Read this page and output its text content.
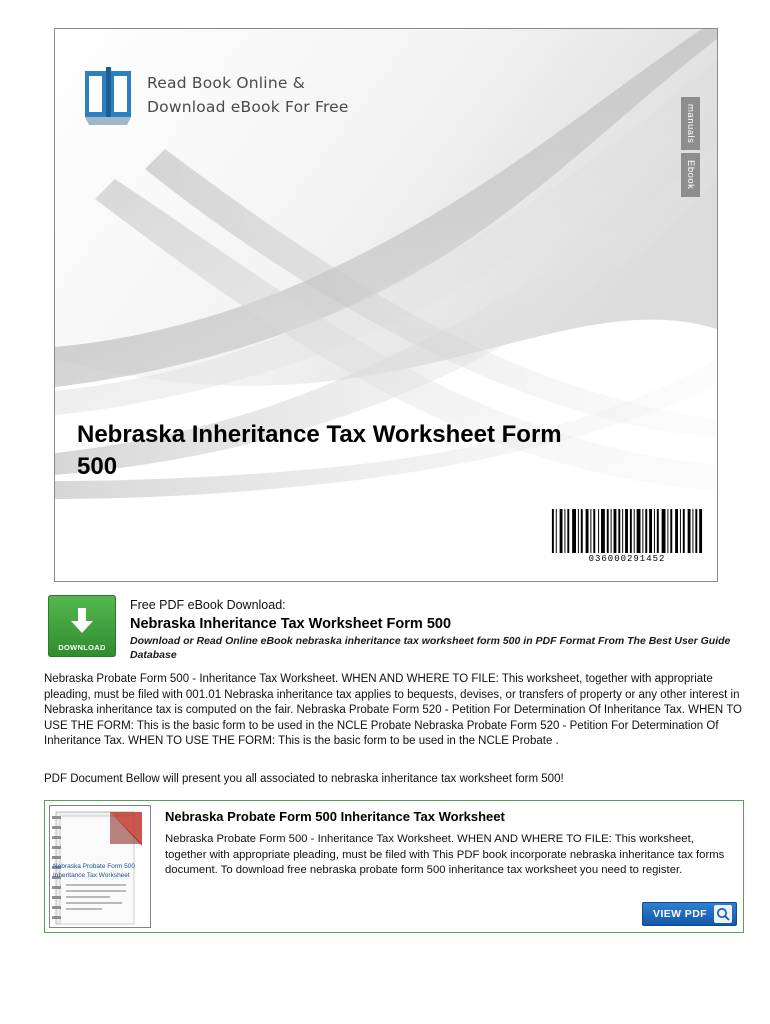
Read Book Online &
Download eBook For Free	manuals
Ebook
Nebraska Inheritance Tax Worksheet Form 500
036000291452
DOWNLOAD
Free PDF eBook Download:
Nebraska Inheritance Tax Worksheet Form 500
Download or Read Online eBook nebraska inheritance tax worksheet form 500 in PDF Format From The Best User Guide Database
Nebraska Probate Form 500 - Inheritance Tax Worksheet. WHEN AND WHERE TO FILE: This worksheet, together with appropriate pleading, must be filed with 001.01 Nebraska inheritance tax applies to bequests, devises, or transfers of property or any other interest in Nebraska inheritance tax is computed on the fair. Nebraska Probate Form 520 - Petition For Determination Of Inheritance Tax. WHEN TO USE THE FORM: This is the basic form to be used in the NCLE Probate Nebraska Probate Form 520 - Petition For Determination Of Inheritance Tax. WHEN TO USE THE FORM: This is the basic form to be used in the NCLE Probate .
PDF Document Bellow will present you all associated to nebraska inheritance tax worksheet form 500!
Nebraska Probate Form 500 Inheritance Tax Worksheet
Nebraska Probate Form 500 Inheritance Tax Worksheet
Nebraska Probate Form 500 - Inheritance Tax Worksheet. WHEN AND WHERE TO FILE: This worksheet, together with appropriate pleading, must be filed with This PDF book incorporate nebraska inheritance tax forms document. To download free nebraska probate form 500 inheritance tax worksheet you need to register.
VIEW PDF
